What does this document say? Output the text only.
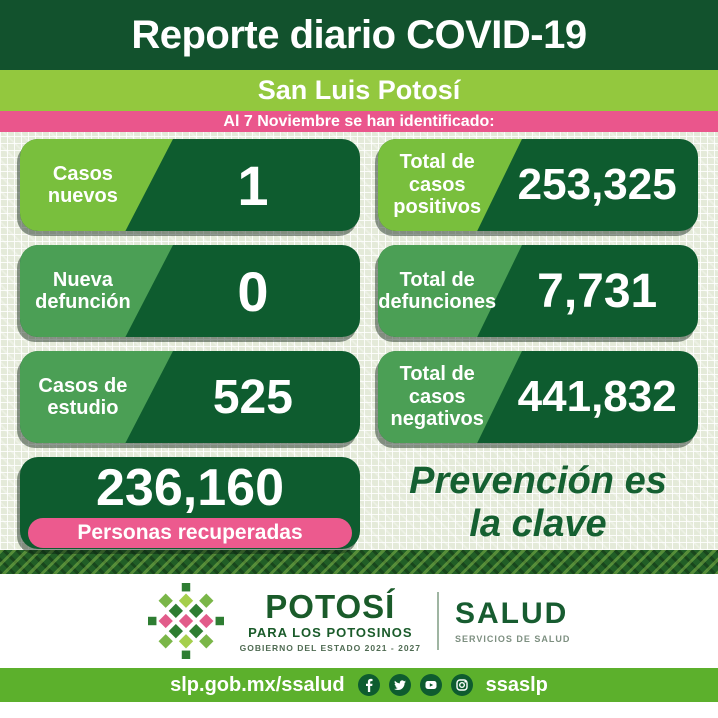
Reporte diario COVID-19
San Luis Potosí
Al 7 Noviembre se han identificado:
Casos nuevos	1	Total de casos positivos 253,325
Nueva defunción	0	Total de defunciones 7,731
Casos de estudio	525	Total de casos negativos 441,832
236,160
Personas recuperadas
Prevención es la clave
POTOSÍ
PARA LOS POTOSINOS
GOBIERNO DEL ESTADO 2021 - 2027
SALUD
SERVICIOS DE SALUD
slp.gob.mx/ssalud	ssaslp
